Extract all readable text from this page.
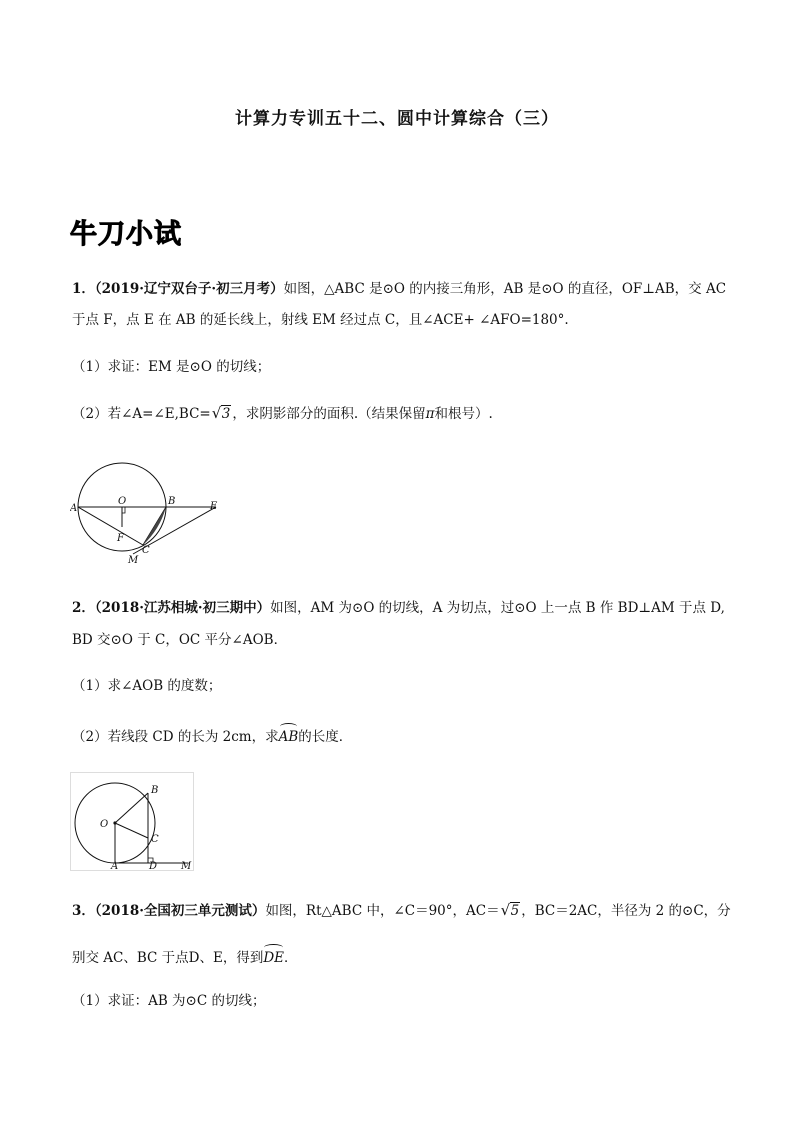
计算力专训五十二、圆中计算综合（三）
牛刀小试
1．（2019·辽宁双台子·初三月考）如图，△ABC 是⊙O 的内接三角形，AB 是⊙O 的直径，OF⊥AB，交 AC
于点 F，点 E 在 AB 的延长线上，射线 EM 经过点 C，且∠ACE+ ∠AFO=180°.
（1）求证：EM 是⊙O 的切线；
（2）若∠A=∠E,BC= √ 3 ，求阴影部分的面积.（结果保留π和根号）.
A
O	B	E
F
C
M
2．（2018·江苏相城·初三期中）如图，AM 为⊙O 的切线，A 为切点，过⊙O 上一点 B 作 BD⊥AM 于点 D,
BD 交⊙O 于 C，OC 平分∠AOB．
（1）求∠AOB 的度数；
（2）若线段 CD 的长为 2cm，求AB的长度．
O
B
C
A	D M
3．（2018·全国初三单元测试）如图，Rt△ABC 中，∠C＝90°，AC＝ √ 5 ，BC＝2AC，半径为 2 的⊙C，分
别交 AC、BC 于点D、E，得到DE．
（1）求证：AB 为⊙C 的切线；
